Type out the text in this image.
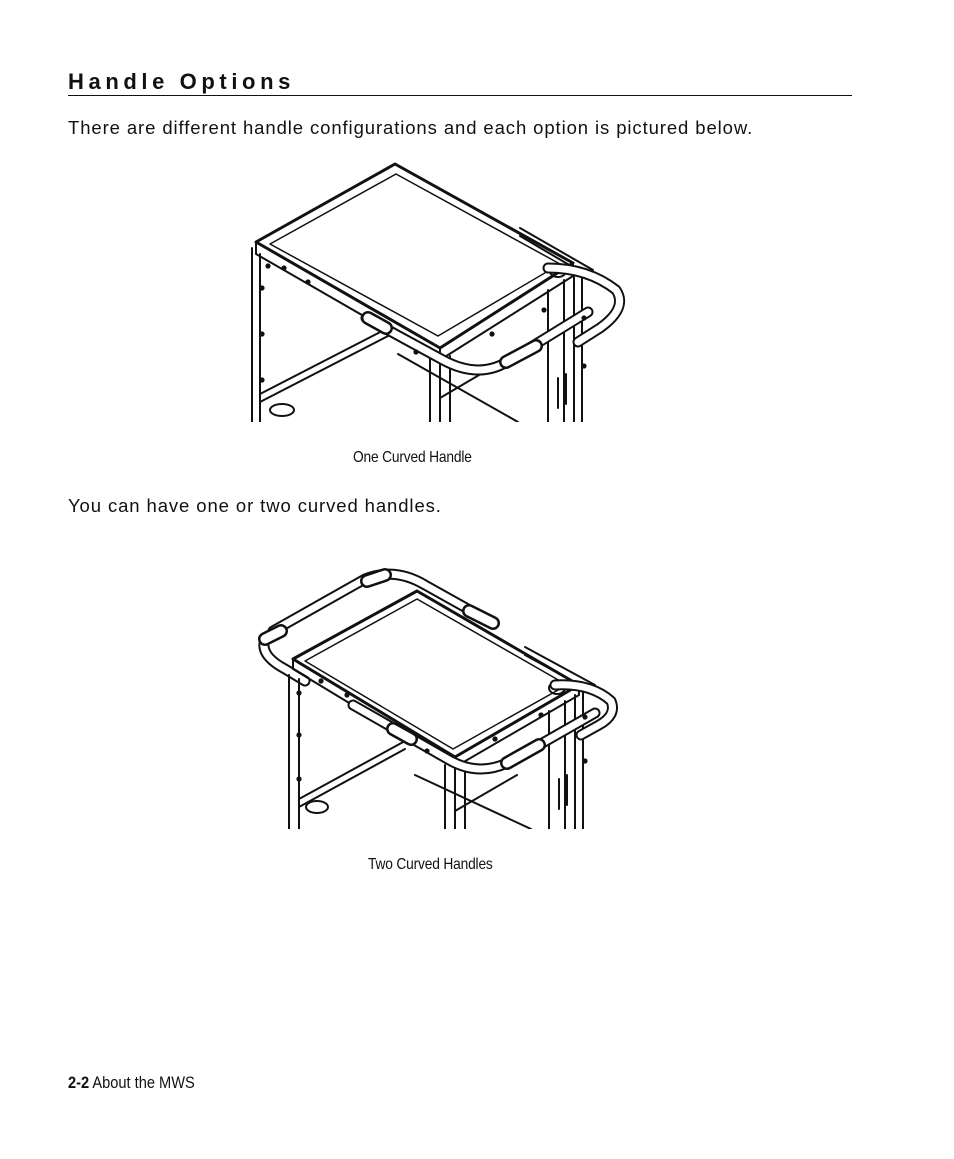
Handle Options
There are different handle configurations and each option is pictured below.
One Curved Handle
You can have one or two curved handles.
Two Curved Handles
2-2 About the MWS
